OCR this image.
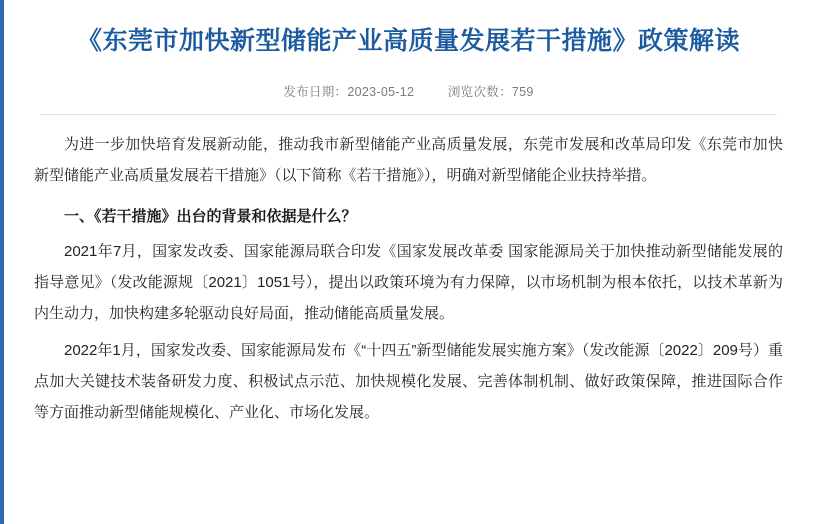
《东莞市加快新型储能产业高质量发展若干措施》政策解读
发布日期：2023-05-12	浏览次数：759

为进一步加快培育发展新动能，推动我市新型储能产业高质量发展，东莞市发展和改革局印发《东莞市加快新型储能产业高质量发展若干措施》（以下简称《若干措施》），明确对新型储能企业扶持举措。

一、《若干措施》出台的背景和依据是什么？

2021年7月，国家发改委、国家能源局联合印发《国家发展改革委 国家能源局关于加快推动新型储能发展的指导意见》（发改能源规〔2021〕1051号），提出以政策环境为有力保障，以市场机制为根本依托，以技术革新为内生动力，加快构建多轮驱动良好局面，推动储能高质量发展。

2022年1月，国家发改委、国家能源局发布《“十四五”新型储能发展实施方案》（发改能源〔2022〕209号）重点加大关键技术装备研发力度、积极试点示范、加快规模化发展、完善体制机制、做好政策保障，推进国际合作等方面推动新型储能规模化、产业化、市场化发展。
